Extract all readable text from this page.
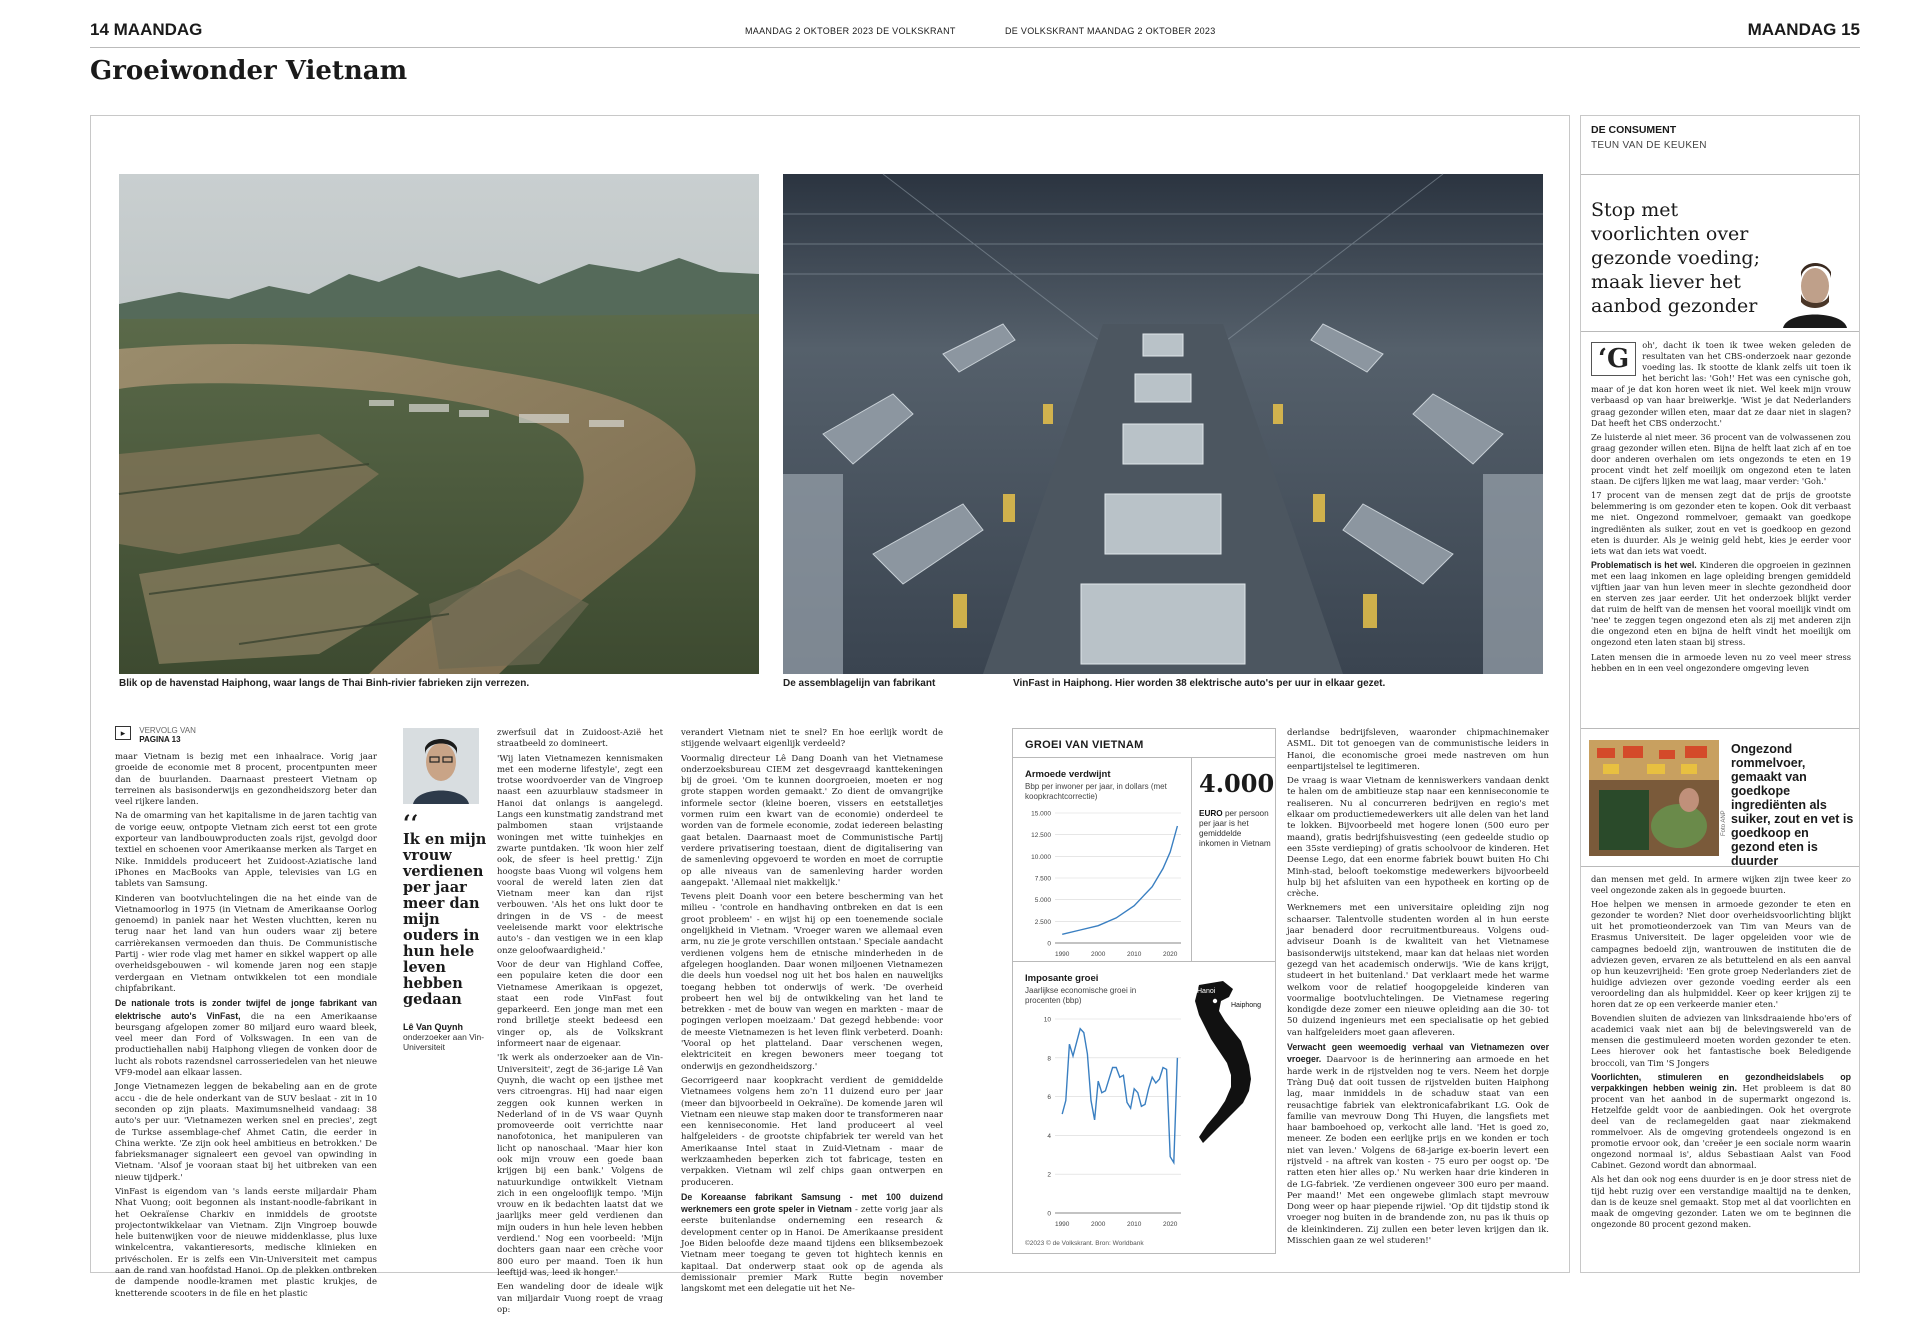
14 MAANDAG	MAANDAG 2 OKTOBER 2023 DE VOLKSKRANT	DE VOLKSKRANT MAANDAG 2 OKTOBER 2023	MAANDAG 15
Groeiwonder Vietnam
Blik op de havenstad Haiphong, waar langs de Thai Binh-rivier fabrieken zijn verrezen.	De assemblagelijn van fabrikant	VinFast in Haiphong. Hier worden 38 elektrische auto's per uur in elkaar gezet.
▸ VERVOLG VAN
PAGINA 13

maar Vietnam is bezig met een inhaalrace. Vorig jaar groeide de economie met 8 procent, procentpunten meer dan de buurlanden. Daarnaast presteert Vietnam op terreinen als basisonderwijs en gezondheidszorg beter dan veel rijkere landen.

Na de omarming van het kapitalisme in de jaren tachtig van de vorige eeuw, ontpopte Vietnam zich eerst tot een grote exporteur van landbouwproducten zoals rijst, gevolgd door textiel en schoenen voor Amerikaanse merken als Target en Nike. Inmiddels produceert het Zuidoost-Aziatische land iPhones en MacBooks van Apple, televisies van LG en tablets van Samsung.

Kinderen van bootvluchtelingen die na het einde van de Vietnamoorlog in 1975 (in Vietnam de Amerikaanse Oorlog genoemd) in paniek naar het Westen vluchtten, keren nu terug naar het land van hun ouders waar zij betere carrièrekansen vermoeden dan thuis. De Communistische Partij - wier rode vlag met hamer en sikkel wappert op alle overheidsgebouwen - wil komende jaren nog een stapje verdergaan en Vietnam ontwikkelen tot een mondiale chipfabrikant.

De nationale trots is zonder twijfel de jonge fabrikant van elektrische auto's VinFast, die na een Amerikaanse beursgang afgelopen zomer 80 miljard euro waard bleek, veel meer dan Ford of Volkswagen. In een van de productiehallen nabij Haiphong vliegen de vonken door de lucht als robots razendsnel carrosseriedelen van het nieuwe VF9-model aan elkaar lassen.

Jonge Vietnamezen leggen de bekabeling aan en de grote accu - die de hele onderkant van de SUV beslaat - zit in 10 seconden op zijn plaats. Maximumsnelheid vandaag: 38 auto's per uur. 'Vietnamezen werken snel en precies', zegt de Turkse assemblage-chef Ahmet Catin, die eerder in China werkte. 'Ze zijn ook heel ambitieus en betrokken.' De fabrieksmanager signaleert een gevoel van opwinding in Vietnam. 'Alsof je vooraan staat bij het uitbreken van een nieuw tijdperk.'

VinFast is eigendom van 's lands eerste miljardair Pham Nhat Vuong; ooit begonnen als instant-noodle-fabrikant in het Oekraïense Charkiv en inmiddels de grootste projectontwikkelaar van Vietnam. Zijn Vingroep bouwde hele buitenwijken voor de nieuwe middenklasse, plus luxe winkelcentra, vakantieresorts, medische klinieken en privéscholen. Er is zelfs een Vin-Universiteit met campus aan de rand van hoofdstad Hanoi. Op de plekken ontbreken de dampende noodle-kramen met plastic krukjes, de knetterende scooters in de file en het plastic

‘‘
Ik en mijn vrouw verdienen per jaar meer dan mijn ouders in hun hele leven hebben gedaan
Lê Van Quynh
onderzoeker aan Vin-Universiteit

zwerfsuil dat in Zuidoost-Azië het straatbeeld zo domineert.

'Wij laten Vietnamezen kennismaken met een moderne lifestyle', zegt een trotse woordvoerder van de Vingroep naast een azuurblauw stadsmeer in Hanoi dat onlangs is aangelegd. Langs een kunstmatig zandstrand met palmbomen staan vrijstaande woningen met witte tuinhekjes en zwarte puntdaken. 'Ik woon hier zelf ook, de sfeer is heel prettig.' Zijn hoogste baas Vuong wil volgens hem vooral de wereld laten zien dat Vietnam meer kan dan rijst verbouwen. 'Als het ons lukt door te dringen in de VS - de meest veeleisende markt voor elektrische auto's - dan vestigen we in een klap onze geloofwaardigheid.'

Voor de deur van Highland Coffee, een populaire keten die door een Vietnamese Amerikaan is opgezet, staat een rode VinFast fout geparkeerd. Een jonge man met een rond brilletje steekt bedeesd een vinger op, als de Volkskrant informeert naar de eigenaar.

'Ik werk als onderzoeker aan de Vin-Universiteit', zegt de 36-jarige Lê Van Quynh, die wacht op een ijsthee met vers citroengras. Hij had naar eigen zeggen ook kunnen werken in Nederland of in de VS waar Quynh promoveerde ooit verrichtte naar nanofotonica, het manipuleren van licht op nanoschaal. 'Maar hier kon ook mijn vrouw een goede baan krijgen bij een bank.' Volgens de natuurkundige ontwikkelt Vietnam zich in een ongelooflijk tempo. 'Mijn vrouw en ik bedachten laatst dat we jaarlijks meer geld verdienen dan mijn ouders in hun hele leven hebben verdiend.' Nog een voorbeeld: 'Mijn dochters gaan naar een crèche voor 800 euro per maand. Toen ik hun leeftijd was, leed ik honger.'

Een wandeling door de ideale wijk van miljardair Vuong roept de vraag op:

verandert Vietnam niet te snel? En hoe eerlijk wordt de stijgende welvaart eigenlijk verdeeld?

Voormalig directeur Lê Dang Doanh van het Vietnamese onderzoeksbureau CIEM zet desgevraagd kanttekeningen bij de groei. 'Om te kunnen doorgroeien, moeten er nog grote stappen worden gemaakt.' Zo dient de omvangrijke informele sector (kleine boeren, vissers en eetstalletjes vormen ruim een kwart van de economie) onderdeel te worden van de formele economie, zodat iedereen belasting gaat betalen. Daarnaast moet de Communistische Partij verdere privatisering toestaan, dient de digitalisering van de samenleving opgevoerd te worden en moet de corruptie op alle niveaus van de samenleving harder worden aangepakt. 'Allemaal niet makkelijk.'

Tevens pleit Doanh voor een betere bescherming van het milieu - 'controle en handhaving ontbreken en dat is een groot probleem' - en wijst hij op een toenemende sociale ongelijkheid in Vietnam. 'Vroeger waren we allemaal even arm, nu zie je grote verschillen ontstaan.' Speciale aandacht verdienen volgens hem de etnische minderheden in de afgelegen hooglanden. Daar wonen miljoenen Vietnamezen die deels hun voedsel nog uit het bos halen en nauwelijks toegang hebben tot onderwijs of werk. 'De overheid probeert hen wel bij de ontwikkeling van het land te betrekken - met de bouw van wegen en markten - maar de pogingen verlopen moeizaam.' Dat gezegd hebbende: voor de meeste Vietnamezen is het leven flink verbeterd. Doanh: 'Vooral op het platteland. Daar verschenen wegen, elektriciteit en kregen bewoners meer toegang tot onderwijs en gezondheidszorg.'

Gecorrigeerd naar koopkracht verdient de gemiddelde Vietnamees volgens hem zo'n 11 duizend euro per jaar (meer dan bijvoorbeeld in Oekraïne). De komende jaren wil Vietnam een nieuwe stap maken door te transformeren naar een kenniseconomie. Het land produceert al veel halfgeleiders - de grootste chipfabriek ter wereld van het Amerikaanse Intel staat in Zuid-Vietnam - maar de werkzaamheden beperken zich tot fabricage, testen en verpakken. Vietnam wil zelf chips gaan ontwerpen en produceren.

De Koreaanse fabrikant Samsung - met 100 duizend werknemers een grote speler in Vietnam - zette vorig jaar als eerste buitenlandse onderneming een research & development center op in Hanoi. De Amerikaanse president Joe Biden beloofde deze maand tijdens een bliksembezoek Vietnam meer toegang te geven tot hightech kennis en kapitaal. Dat onderwerp staat ook op de agenda als demissionair premier Mark Rutte begin november langskomt met een delegatie uit het Ne-

derlandse bedrijfsleven, waaronder chipmachinemaker ASML. Dit tot genoegen van de communistische leiders in Hanoi, die economische groei mede nastreven om hun eenpartijstelsel te legitimeren.

De vraag is waar Vietnam de kenniswerkers vandaan denkt te halen om de ambitieuze stap naar een kenniseconomie te realiseren. Nu al concurreren bedrijven en regio's met elkaar om productiemedewerkers uit alle delen van het land te lokken. Bijvoorbeeld met hogere lonen (500 euro per maand), gratis bedrijfshuisvesting (een gedeelde studio op een 35ste verdieping) of gratis schoolvoor de kinderen. Het Deense Lego, dat een enorme fabriek bouwt buiten Ho Chi Minh-stad, belooft toekomstige medewerkers bijvoorbeeld hulp bij het afsluiten van een hypotheek en korting op de crèche.

Werknemers met een universitaire opleiding zijn nog schaarser. Talentvolle studenten worden al in hun eerste jaar benaderd door recruitmentbureaus. Volgens oud-adviseur Doanh is de kwaliteit van het Vietnamese basisonderwijs uitstekend, maar kan dat helaas niet worden gezegd van het academisch onderwijs. 'Wie de kans krijgt, studeert in het buitenland.' Dat verklaart mede het warme welkom voor de relatief hoogopgeleide kinderen van voormalige bootvluchtelingen. De Vietnamese regering kondigde deze zomer een nieuwe opleiding aan die 30- tot 50 duizend ingenieurs met een specialisatie op het gebied van halfgeleiders moet gaan afleveren.

Verwacht geen weemoedig verhaal van Vietnamezen over vroeger. Daarvoor is de herinnering aan armoede en het harde werk in de rijstvelden nog te vers. Neem het dorpje Tràng Duệ dat ooit tussen de rijstvelden buiten Haiphong lag, maar inmiddels in de schaduw staat van een reusachtige fabriek van elektronicafabrikant LG. Ook de familie van mevrouw Dong Thi Huyen, die langsfiets met haar bamboehoed op, verkocht alle land. 'Het is goed zo, meneer. Ze boden een eerlijke prijs en we konden er toch niet van leven.' Volgens de 68-jarige ex-boerin levert een rijstveld - na aftrek van kosten - 75 euro per oogst op. 'De ratten eten hier alles op.' Nu werken haar drie kinderen in de LG-fabriek. 'Ze verdienen ongeveer 300 euro per maand. Per maand!' Met een ongewebe glimlach stapt mevrouw Dong weer op haar piepende rijwiel. 'Op dit tijdstip stond ik vroeger nog buiten in de brandende zon, nu pas ik thuis op de kleinkinderen. Zij zullen een beter leven krijgen dan ik. Misschien gaan ze wel studeren!'

GROEI VAN VIETNAM
Armoede verdwijnt
Bbp per inwoner per jaar, in dollars (met koopkrachtcorrectie)
0
2.500
5.000
7.500
10.000
12.500
15.000
1990	2000	2010	2020
4.000
EURO per persoon per jaar is het gemiddelde inkomen in Vietnam
Imposante groei
Jaarlijkse economische groei in procenten (bbp)
0
2
4
6
8
10
1990	2000	2010	2020
Hanoi
Haiphong
©2023 © de Volkskrant. Bron: Worldbank
DE CONSUMENT
TEUN VAN DE KEUKEN
Stop met voorlichten over gezonde voeding; maak liever het aanbod gezonder

‘G	oh', dacht ik toen ik twee weken geleden de resultaten van het CBS-onderzoek naar gezonde voeding las. Ik stootte de klank zelfs uit toen ik het bericht las: 'Goh!' Het was een cynische goh, maar of je dat kon horen weet ik niet. Wel keek mijn vrouw verbaasd op van haar breiwerkje. 'Wist je dat Nederlanders graag gezonder willen eten, maar dat ze daar niet in slagen? Dat heeft het CBS onderzocht.'

Ze luisterde al niet meer. 36 procent van de volwassenen zou graag gezonder willen eten. Bijna de helft laat zich af en toe door anderen overhalen om iets ongezonds te eten en 19 procent vindt het zelf moeilijk om ongezond eten te laten staan. De cijfers lijken me wat laag, maar verder: 'Goh.'

17 procent van de mensen zegt dat de prijs de grootste belemmering is om gezonder eten te kopen. Ook dit verbaast me niet. Ongezond rommelvoer, gemaakt van goedkope ingrediënten als suiker, zout en vet is goedkoop en gezond eten is duurder. Als je weinig geld hebt, kies je eerder voor iets wat dan iets wat voedt.

Problematisch is het wel. Kinderen die opgroeien in gezinnen met een laag inkomen en lage opleiding brengen gemiddeld vijftien jaar van hun leven meer in slechte gezondheid door en sterven zes jaar eerder. Uit het onderzoek blijkt verder dat ruim de helft van de mensen het vooral moeilijk vindt om 'nee' te zeggen tegen ongezond eten als zij met anderen zijn die ongezond eten en bijna de helft vindt het moeilijk om ongezond eten laten staan bij stress.

Laten mensen die in armoede leven nu zo veel meer stress hebben en in een veel ongezondere omgeving leven

Foto ANP
Ongezond rommelvoer, gemaakt van goedkope ingrediënten als suiker, zout en vet is goedkoop en gezond eten is duurder

dan mensen met geld. In armere wijken zijn twee keer zo veel ongezonde zaken als in gegoede buurten.

Hoe helpen we mensen in armoede gezonder te eten en gezonder te worden? Niet door overheidsvoorlichting blijkt uit het promotieonderzoek van Tim van Meurs van de Erasmus Universiteit. De lager opgeleiden voor wie de campagnes bedoeld zijn, wantrouwen de instituten die de adviezen geven, ervaren ze als betuttelend en als een aanval op hun keuzevrijheid: 'Een grote groep Nederlanders ziet de huidige adviezen over gezonde voeding eerder als een veroordeling dan als hulpmiddel. Keer op keer krijgen zij te horen dat ze op een verkeerde manier eten.'

Bovendien sluiten de adviezen van linksdraaiende hbo'ers of academici vaak niet aan bij de belevingswereld van de mensen die gestimuleerd moeten worden gezonder te eten. Lees hierover ook het fantastische boek Beledigende broccoli, van Tim 'S Jongers

Voorlichten, stimuleren en gezondheidslabels op verpakkingen hebben weinig zin. Het probleem is dat 80 procent van het aanbod in de supermarkt ongezond is. Hetzelfde geldt voor de aanbiedingen. Ook het overgrote deel van de reclamegelden gaat naar ziekmakend rommelvoer. Als de omgeving grotendeels ongezond is en promotie ervoor ook, dan 'creëer je een sociale norm waarin ongezond normaal is', aldus Sebastiaan Aalst van Food Cabinet. Gezond wordt dan abnormaal.

Als het dan ook nog eens duurder is en je door stress niet de tijd hebt ruzig over een verstandige maaltijd na te denken, dan is de keuze snel gemaakt. Stop met al dat voorlichten en maak de omgeving gezonder. Laten we om te beginnen die ongezonde 80 procent gezond maken.
